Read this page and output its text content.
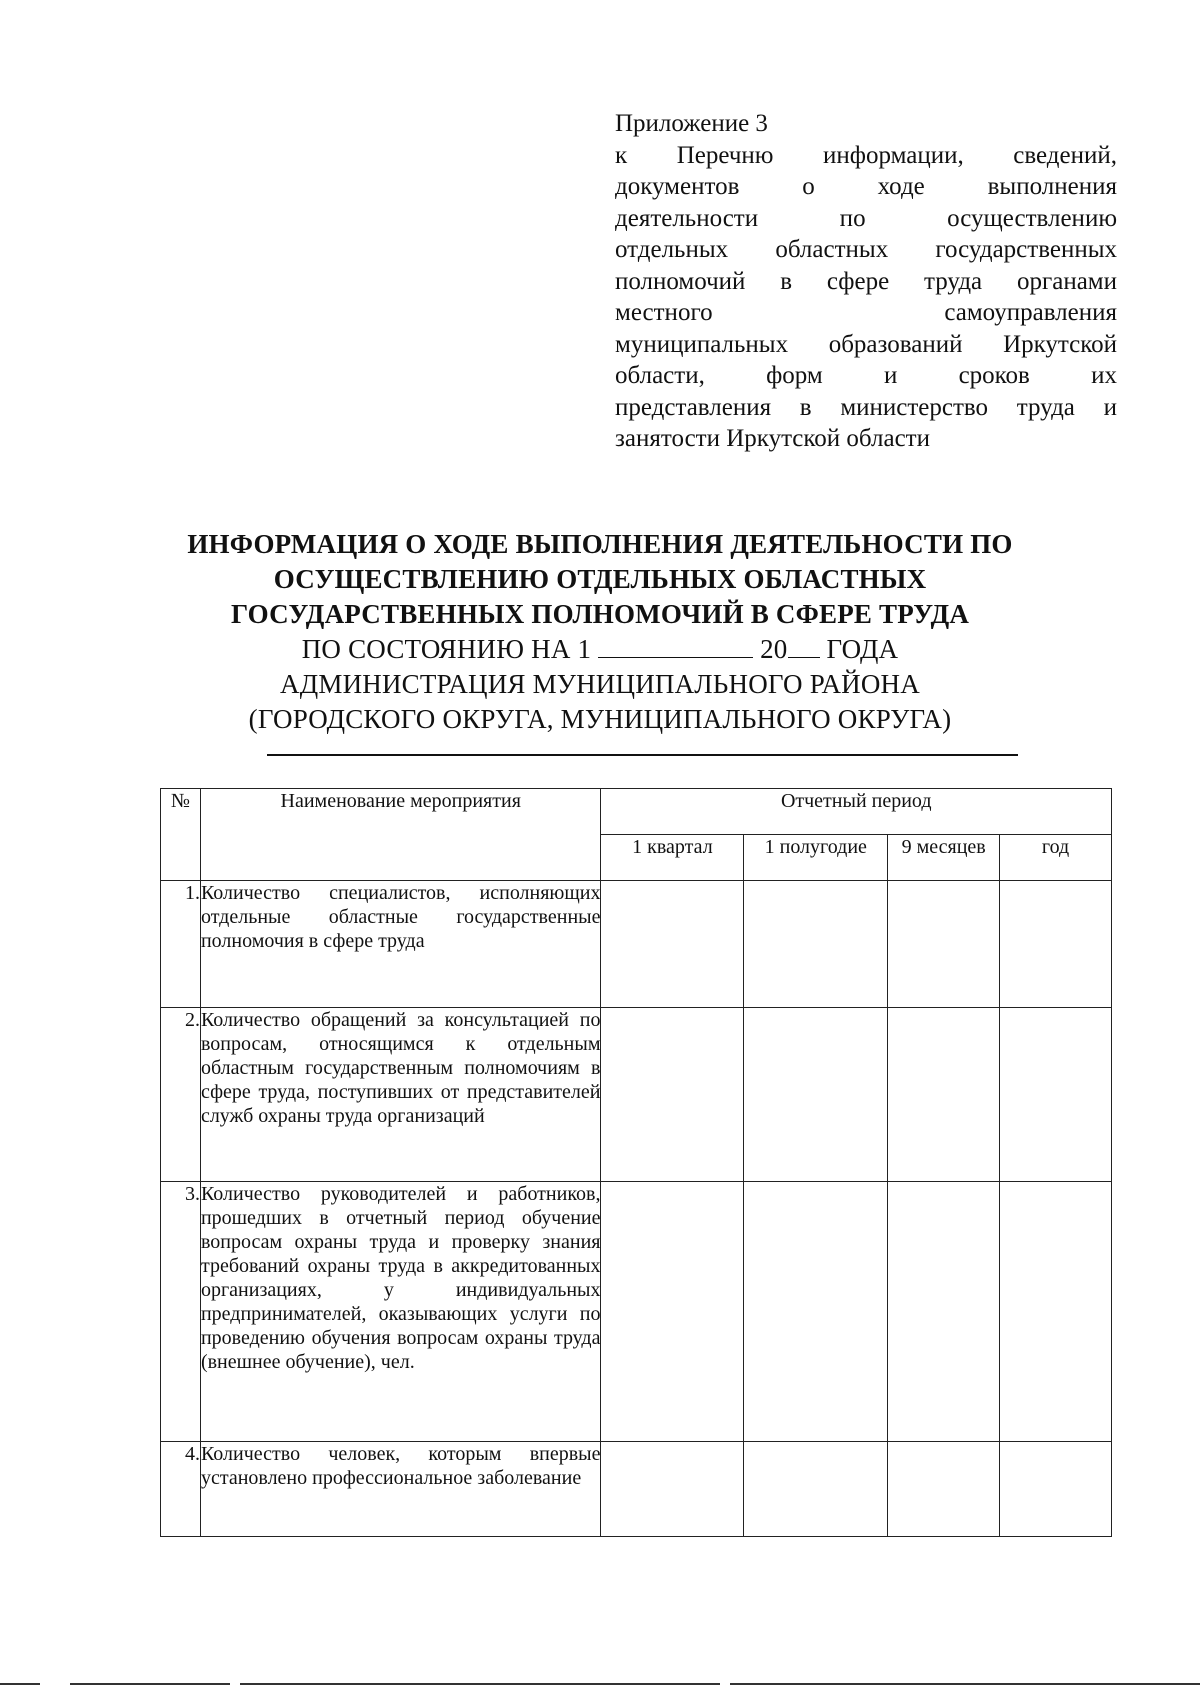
Приложение 3
к Перечню информации, сведений,
документов о ходе выполнения
деятельности по осуществлению
отдельных областных государственных
полномочий в сфере труда органами
местного самоуправления
муниципальных образований Иркутской
области, форм и сроков их
представления в министерство труда и
занятости Иркутской области
ИНФОРМАЦИЯ О ХОДЕ ВЫПОЛНЕНИЯ ДЕЯТЕЛЬНОСТИ ПО
ОСУЩЕСТВЛЕНИЮ ОТДЕЛЬНЫХ ОБЛАСТНЫХ
ГОСУДАРСТВЕННЫХ ПОЛНОМОЧИЙ В СФЕРЕ ТРУДА
ПО СОСТОЯНИЮ НА 1	20 ГОДА
АДМИНИСТРАЦИЯ МУНИЦИПАЛЬНОГО РАЙОНА
(ГОРОДСКОГО ОКРУГА, МУНИЦИПАЛЬНОГО ОКРУГА)
№	Наименование мероприятия	Отчетный период			
		1 квартал	1 полугодие	9 месяцев	год
1.	Количество специалистов, исполняющих отдельные областные государственные полномочия в сфере труда				

2.	Количество обращений за консультацией по вопросам, относящимся к отдельным областным государственным полномочиям в сфере труда, поступивших от представителей служб охраны труда организаций				

3.	Количество руководителей и работников, прошедших в отчетный период обучение вопросам охраны труда и проверку знания требований охраны труда в аккредитованных организациях, у индивидуальных предпринимателей, оказывающих услуги по проведению обучения вопросам охраны труда (внешнее обучение), чел.				

4.	Количество человек, которым впервые установлено профессиональное заболевание				
